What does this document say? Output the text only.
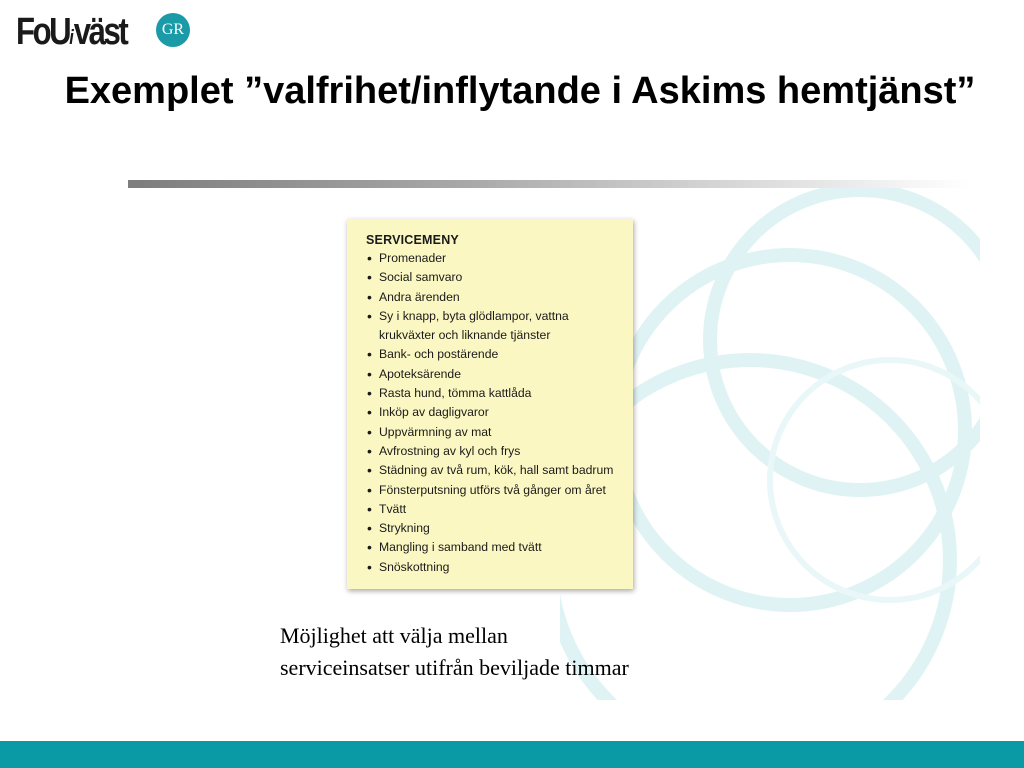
FoUiväst	GR
Exemplet ”valfrihet/inflytande i Askims hemtjänst”
SERVICEMENY
• Promenader
• Social samvaro
• Andra ärenden
• Sy i knapp, byta glödlampor, vattna krukväxter och liknande tjänster
• Bank- och postärende
• Apoteksärende
• Rasta hund, tömma kattlåda
• Inköp av dagligvaror
• Uppvärmning av mat
• Avfrostning av kyl och frys
• Städning av två rum, kök, hall samt badrum
• Fönsterputsning utförs två gånger om året
• Tvätt
• Strykning
• Mangling i samband med tvätt
• Snöskottning
Möjlighet att välja mellan
serviceinsatser utifrån beviljade timmar
